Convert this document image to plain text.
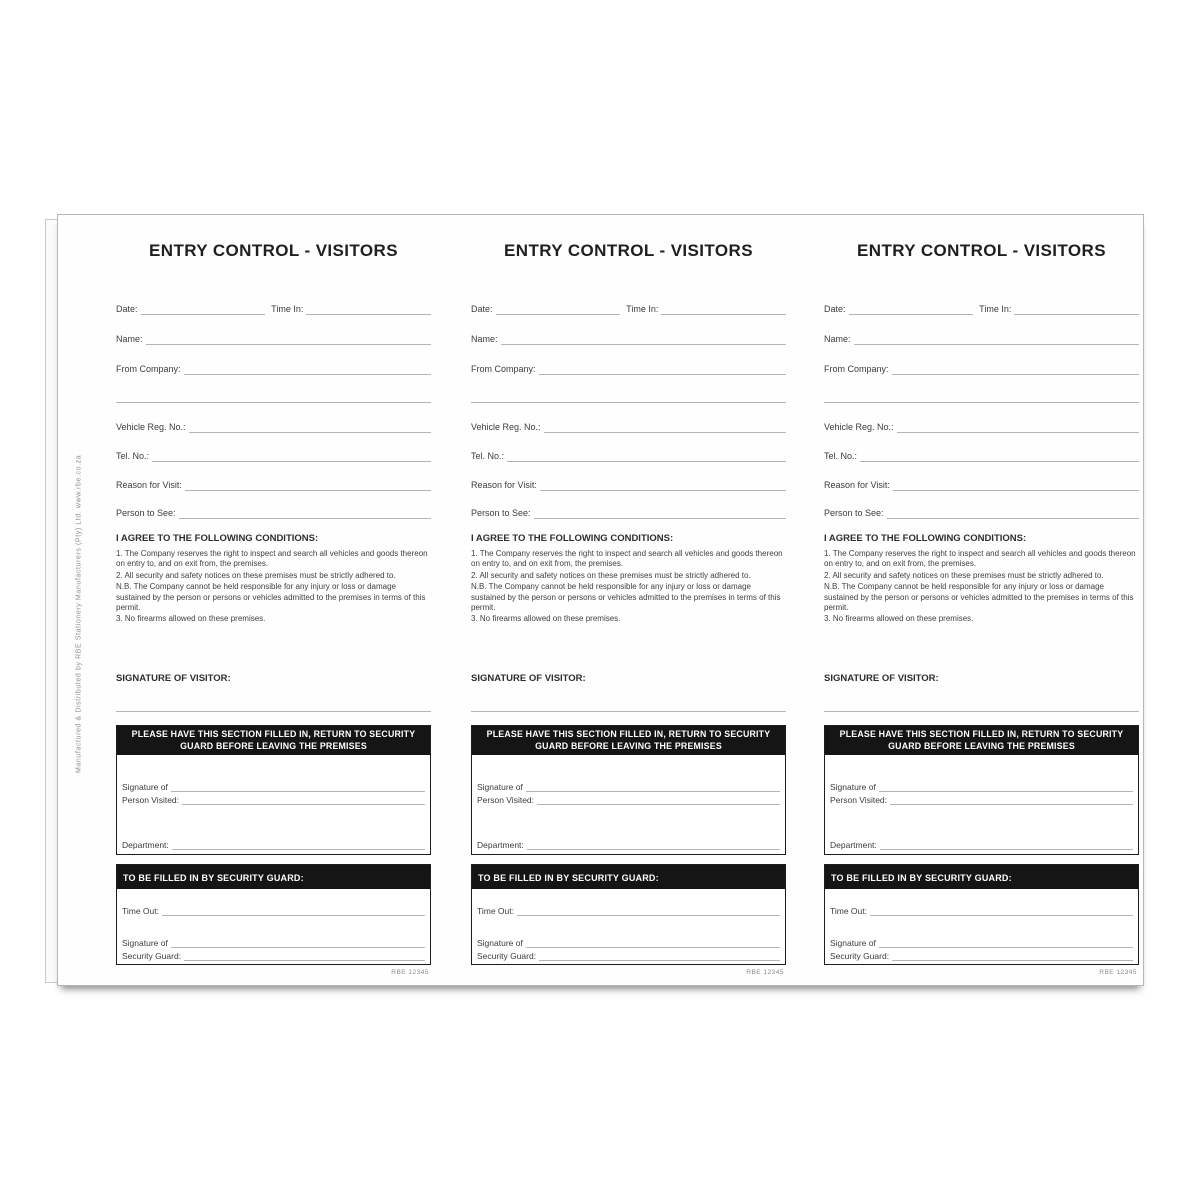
Manufactured & Distributed by RBE Stationery Manufacturers (Pty) Ltd. www.rbe.co.za
ENTRY CONTROL - VISITORS
Date:	Time In:
Name:
From Company:
Vehicle Reg. No.:
Tel. No.:
Reason for Visit:
Person to See:
I AGREE TO THE FOLLOWING CONDITIONS:

1. The Company reserves the right to inspect and search all vehicles and goods thereon on entry to, and on exit from, the premises.

2. All security and safety notices on these premises must be strictly adhered to.

N.B. The Company cannot be held responsible for any injury or loss or damage sustained by the person or persons or vehicles admitted to the premises in terms of this permit.

3. No firearms allowed on these premises.

SIGNATURE OF VISITOR:
PLEASE HAVE THIS SECTION FILLED IN, RETURN TO SECURITY GUARD BEFORE LEAVING THE PREMISES
Signature of
Person Visited:
Department:
TO BE FILLED IN BY SECURITY GUARD:
Time Out:
Signature of
Security Guard:
RBE 12345
ENTRY CONTROL - VISITORS
Date:	Time In:
Name:
From Company:
Vehicle Reg. No.:
Tel. No.:
Reason for Visit:
Person to See:
I AGREE TO THE FOLLOWING CONDITIONS:

1. The Company reserves the right to inspect and search all vehicles and goods thereon on entry to, and on exit from, the premises.

2. All security and safety notices on these premises must be strictly adhered to.

N.B. The Company cannot be held responsible for any injury or loss or damage sustained by the person or persons or vehicles admitted to the premises in terms of this permit.

3. No firearms allowed on these premises.

SIGNATURE OF VISITOR:
PLEASE HAVE THIS SECTION FILLED IN, RETURN TO SECURITY GUARD BEFORE LEAVING THE PREMISES
Signature of
Person Visited:
Department:
TO BE FILLED IN BY SECURITY GUARD:
Time Out:
Signature of
Security Guard:
RBE 12345
ENTRY CONTROL - VISITORS
Date:	Time In:
Name:
From Company:
Vehicle Reg. No.:
Tel. No.:
Reason for Visit:
Person to See:
I AGREE TO THE FOLLOWING CONDITIONS:

1. The Company reserves the right to inspect and search all vehicles and goods thereon on entry to, and on exit from, the premises.

2. All security and safety notices on these premises must be strictly adhered to.

N.B. The Company cannot be held responsible for any injury or loss or damage sustained by the person or persons or vehicles admitted to the premises in terms of this permit.

3. No firearms allowed on these premises.

SIGNATURE OF VISITOR:
PLEASE HAVE THIS SECTION FILLED IN, RETURN TO SECURITY GUARD BEFORE LEAVING THE PREMISES
Signature of
Person Visited:
Department:
TO BE FILLED IN BY SECURITY GUARD:
Time Out:
Signature of
Security Guard:
RBE 12345
